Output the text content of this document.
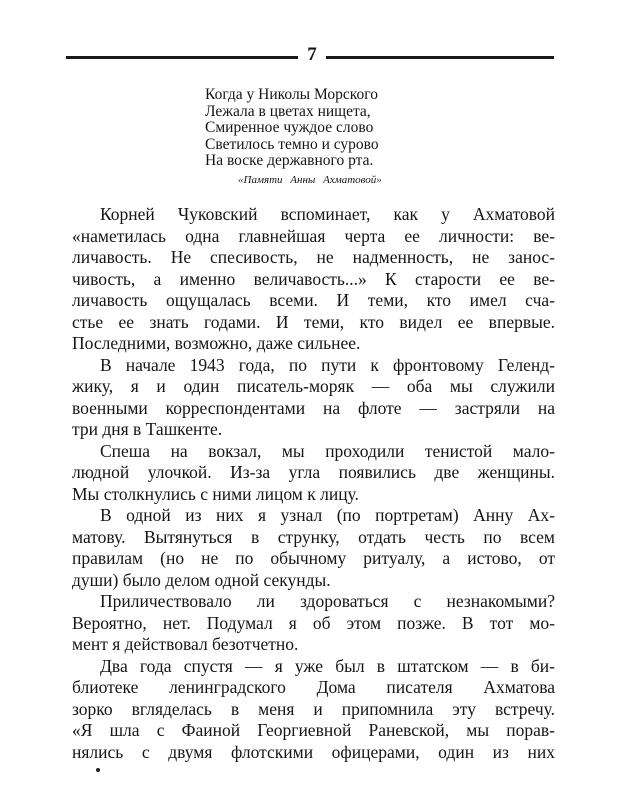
7
Когда у Николы Морского
Лежала в цветах нищета,
Смиренное чуждое слово
Светилось темно и сурово
На воске державного рта.
«Памяти Анны Ахматовой»
Корней Чуковский вспоминает, как у Ахматовой
«наметилась одна главнейшая черта ее личности: ве-
личавость. Не спесивость, не надменность, не занос-
чивость, а именно величавость...» К старости ее ве-
личавость ощущалась всеми. И теми, кто имел сча-
стье ее знать годами. И теми, кто видел ее впервые.
Последними, возможно, даже сильнее.
В начале 1943 года, по пути к фронтовому Геленд-
жику, я и один писатель-моряк — оба мы служили
военными корреспондентами на флоте — застряли на
три дня в Ташкенте.
Спеша на вокзал, мы проходили тенистой мало-
людной улочкой. Из-за угла появились две женщины.
Мы столкнулись с ними лицом к лицу.
В одной из них я узнал (по портретам) Анну Ах-
матову. Вытянуться в струнку, отдать честь по всем
правилам (но не по обычному ритуалу, а истово, от
души) было делом одной секунды.
Приличествовало ли здороваться с незнакомыми?
Вероятно, нет. Подумал я об этом позже. В тот мо-
мент я действовал безотчетно.
Два года спустя — я уже был в штатском — в би-
блиотеке ленинградского Дома писателя Ахматова
зорко вгляделась в меня и припомнила эту встречу.
«Я шла с Фаиной Георгиевной Раневской, мы порав-
нялись с двумя флотскими офицерами, один из них
